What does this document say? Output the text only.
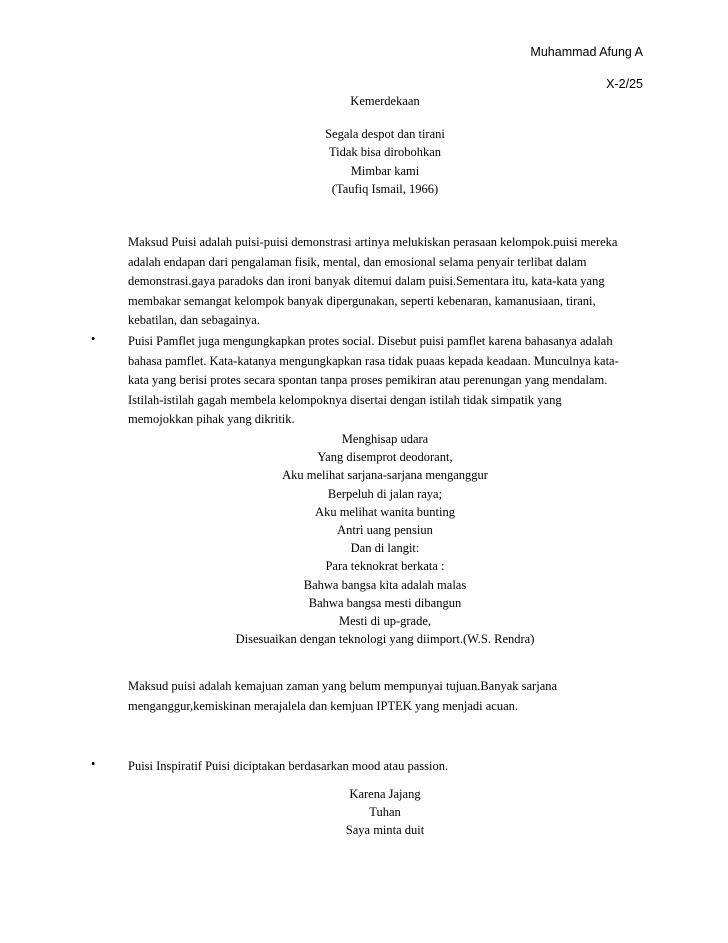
Muhammad Afung A
X-2/25
Kemerdekaan
Segala despot dan tirani
Tidak bisa dirobohkan
Mimbar kami
(Taufiq Ismail, 1966)
Maksud Puisi adalah puisi-puisi demonstrasi artinya melukiskan perasaan kelompok.puisi mereka
adalah endapan dari pengalaman fisik, mental, dan emosional selama penyair terlibat dalam
demonstrasi.gaya paradoks dan ironi banyak ditemui dalam puisi.Sementara itu, kata-kata yang
membakar semangat kelompok banyak dipergunakan, seperti kebenaran, kamanusiaan, tirani,
kebatilan, dan sebagainya.
•	Puisi Pamflet juga mengungkapkan protes social. Disebut puisi pamflet karena bahasanya adalah
bahasa pamflet. Kata-katanya mengungkapkan rasa tidak puaas kepada keadaan. Munculnya kata-
kata yang berisi protes secara spontan tanpa proses pemikiran atau perenungan yang mendalam.
Istilah-istilah gagah membela kelompoknya disertai dengan istilah tidak simpatik yang
memojokkan pihak yang dikritik.
Menghisap udara
Yang disemprot deodorant,
Aku melihat sarjana-sarjana menganggur
Berpeluh di jalan raya;
Aku melihat wanita bunting
Antri uang pensiun
Dan di langit:
Para teknokrat berkata :
Bahwa bangsa kita adalah malas
Bahwa bangsa mesti dibangun
Mesti di up-grade,
Disesuaikan dengan teknologi yang diimport.(W.S. Rendra)
Maksud puisi adalah kemajuan zaman yang belum mempunyai tujuan.Banyak sarjana
menganggur,kemiskinan merajalela dan kemjuan IPTEK yang menjadi acuan.
•	Puisi Inspiratif Puisi diciptakan berdasarkan mood atau passion.
Karena Jajang
Tuhan
Saya minta duit
